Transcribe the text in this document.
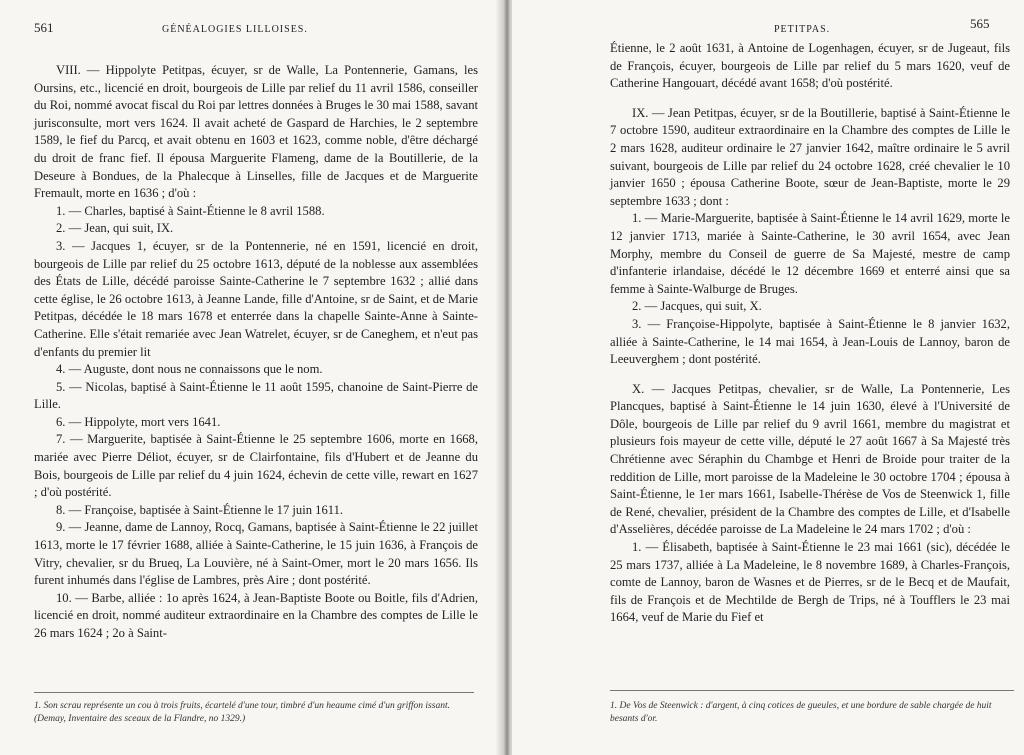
561	GÉNÉALOGIES LILLOISES.

VIII. — Hippolyte Petitpas, écuyer, sr de Walle, La Pontennerie, Gamans, les Oursins, etc., licencié en droit, bourgeois de Lille par relief du 11 avril 1586, conseiller du Roi, nommé avocat fiscal du Roi par lettres données à Bruges le 30 mai 1588, savant jurisconsulte, mort vers 1624. Il avait acheté de Gaspard de Harchies, le 2 septembre 1589, le fief du Parcq, et avait obtenu en 1603 et 1623, comme noble, d'être déchargé du droit de franc fief. Il épousa Marguerite Flameng, dame de la Boutillerie, de la Deseure à Bondues, de la Phalecque à Linselles, fille de Jacques et de Marguerite Fremault, morte en 1636 ; d'où :

1. — Charles, baptisé à Saint-Étienne le 8 avril 1588.

2. — Jean, qui suit, IX.

3. — Jacques 1, écuyer, sr de la Pontennerie, né en 1591, licencié en droit, bourgeois de Lille par relief du 25 octobre 1613, député de la noblesse aux assemblées des États de Lille, décédé paroisse Sainte-Catherine le 7 septembre 1632 ; allié dans cette église, le 26 octobre 1613, à Jeanne Lande, fille d'Antoine, sr de Saint, et de Marie Petitpas, décédée le 18 mars 1678 et enterrée dans la chapelle Sainte-Anne à Sainte-Catherine. Elle s'était remariée avec Jean Watrelet, écuyer, sr de Caneghem, et n'eut pas d'enfants du premier lit

4. — Auguste, dont nous ne connaissons que le nom.

5. — Nicolas, baptisé à Saint-Étienne le 11 août 1595, chanoine de Saint-Pierre de Lille.

6. — Hippolyte, mort vers 1641.

7. — Marguerite, baptisée à Saint-Étienne le 25 septembre 1606, morte en 1668, mariée avec Pierre Déliot, écuyer, sr de Clairfontaine, fils d'Hubert et de Jeanne du Bois, bourgeois de Lille par relief du 4 juin 1624, échevin de cette ville, rewart en 1627 ; d'où postérité.

8. — Françoise, baptisée à Saint-Étienne le 17 juin 1611.

9. — Jeanne, dame de Lannoy, Rocq, Gamans, baptisée à Saint-Étienne le 22 juillet 1613, morte le 17 février 1688, alliée à Sainte-Catherine, le 15 juin 1636, à François de Vitry, chevalier, sr du Brueq, La Louvière, né à Saint-Omer, mort le 20 mars 1656. Ils furent inhumés dans l'église de Lambres, près Aire ; dont postérité.

10. — Barbe, alliée : 1o après 1624, à Jean-Baptiste Boote ou Boitle, fils d'Adrien, licencié en droit, nommé auditeur extraordinaire en la Chambre des comptes de Lille le 26 mars 1624 ; 2o à Saint-

1. Son scrau représente un cou à trois fruits, écartelé d'une tour, timbré d'un heaume cimé d'un griffon issant. (Demay, Inventaire des sceaux de la Flandre, no 1329.)
PETITPAS.	565

Étienne, le 2 août 1631, à Antoine de Logenhagen, écuyer, sr de Jugeaut, fils de François, écuyer, bourgeois de Lille par relief du 5 mars 1620, veuf de Catherine Hangouart, décédé avant 1658; d'où postérité.

IX. — Jean Petitpas, écuyer, sr de la Boutillerie, baptisé à Saint-Étienne le 7 octobre 1590, auditeur extraordinaire en la Chambre des comptes de Lille le 2 mars 1628, auditeur ordinaire le 27 janvier 1642, maître ordinaire le 5 avril suivant, bourgeois de Lille par relief du 24 octobre 1628, créé chevalier le 10 janvier 1650 ; épousa Catherine Boote, sœur de Jean-Baptiste, morte le 29 septembre 1633 ; dont :

1. — Marie-Marguerite, baptisée à Saint-Étienne le 14 avril 1629, morte le 12 janvier 1713, mariée à Sainte-Catherine, le 30 avril 1654, avec Jean Morphy, membre du Conseil de guerre de Sa Majesté, mestre de camp d'infanterie irlandaise, décédé le 12 décembre 1669 et enterré ainsi que sa femme à Sainte-Walburge de Bruges.

2. — Jacques, qui suit, X.

3. — Françoise-Hippolyte, baptisée à Saint-Étienne le 8 janvier 1632, alliée à Sainte-Catherine, le 14 mai 1654, à Jean-Louis de Lannoy, baron de Leeuverghem ; dont postérité.

X. — Jacques Petitpas, chevalier, sr de Walle, La Pontennerie, Les Plancques, baptisé à Saint-Étienne le 14 juin 1630, élevé à l'Université de Dôle, bourgeois de Lille par relief du 9 avril 1661, membre du magistrat et plusieurs fois mayeur de cette ville, député le 27 août 1667 à Sa Majesté très Chrétienne avec Séraphin du Chambge et Henri de Broide pour traiter de la reddition de Lille, mort paroisse de la Madeleine le 30 octobre 1704 ; épousa à Saint-Étienne, le 1er mars 1661, Isabelle-Thérèse de Vos de Steenwick 1, fille de René, chevalier, président de la Chambre des comptes de Lille, et d'Isabelle d'Asselières, décédée paroisse de La Madeleine le 24 mars 1702 ; d'où :

1. — Élisabeth, baptisée à Saint-Étienne le 23 mai 1661 (sic), décédée le 25 mars 1737, alliée à La Madeleine, le 8 novembre 1689, à Charles-François, comte de Lannoy, baron de Wasnes et de Pierres, sr de le Becq et de Maufait, fils de François et de Mechtilde de Bergh de Trips, né à Toufflers le 23 mai 1664, veuf de Marie du Fief et

1. De Vos de Steenwick : d'argent, à cinq cotices de gueules, et une bordure de sable chargée de huit besants d'or.
